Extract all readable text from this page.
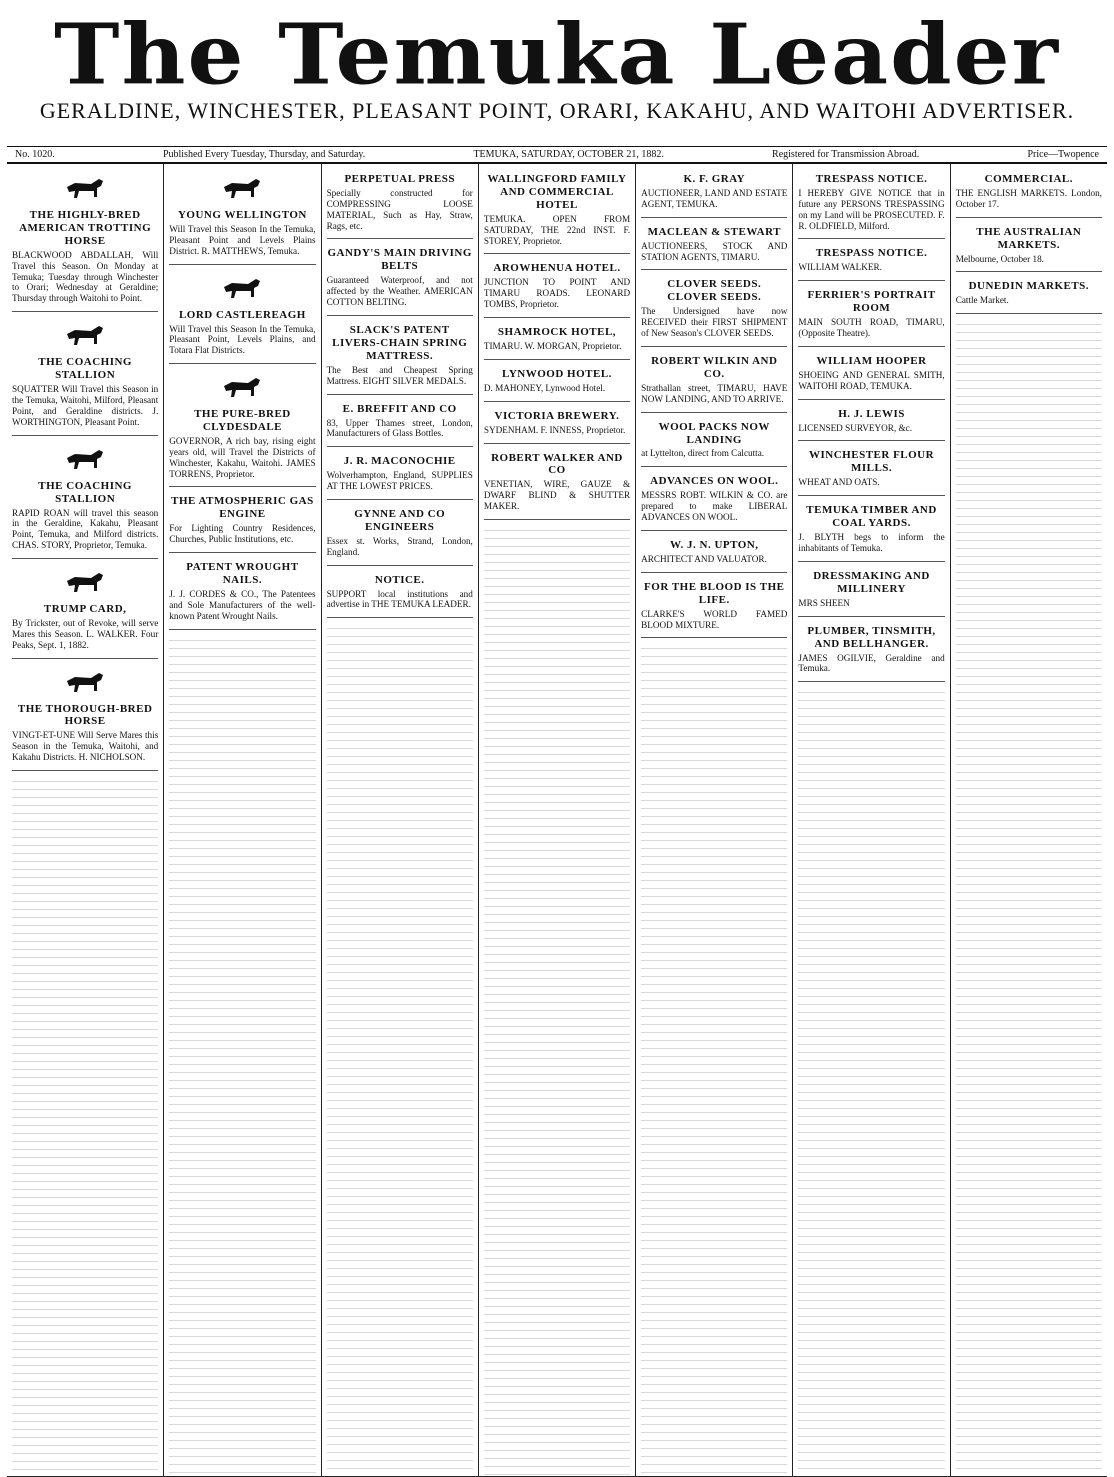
The Temuka Leader
GERALDINE, WINCHESTER, PLEASANT POINT, ORARI, KAKAHU, AND WAITOHI ADVERTISER.
No. 1020.	Published Every Tuesday, Thursday, and Saturday.	TEMUKA, SATURDAY, OCTOBER 21, 1882.	Registered for Transmission Abroad.	Price—Twopence
THE HIGHLY-BRED AMERICAN TROTTING HORSE

BLACKWOOD ABDALLAH, Will Travel this Season. On Monday at Temuka; Tuesday through Winchester to Orari; Wednesday at Geraldine; Thursday through Waitohi to Point.

THE COACHING STALLION

SQUATTER Will Travel this Season in the Temuka, Waitohi, Milford, Pleasant Point, and Geraldine districts. J. WORTHINGTON, Pleasant Point.

THE COACHING STALLION

RAPID ROAN will travel this season in the Geraldine, Kakahu, Pleasant Point, Temuka, and Milford districts. CHAS. STORY, Proprietor, Temuka.

TRUMP CARD,

By Trickster, out of Revoke, will serve Mares this Season. L. WALKER. Four Peaks, Sept. 1, 1882.

THE THOROUGH-BRED HORSE

VINGT-ET-UNE Will Serve Mares this Season in the Temuka, Waitohi, and Kakahu Districts. H. NICHOLSON.

YOUNG WELLINGTON

Will Travel this Season In the Temuka, Pleasant Point and Levels Plains District. R. MATTHEWS, Temuka.

LORD CASTLEREAGH

Will Travel this Season In the Temuka, Pleasant Point, Levels Plains, and Totara Flat Districts.

THE PURE-BRED CLYDESDALE

GOVERNOR, A rich bay, rising eight years old, will Travel the Districts of Winchester, Kakahu, Waitohi. JAMES TORRENS, Proprietor.

THE ATMOSPHERIC GAS ENGINE

For Lighting Country Residences, Churches, Public Institutions, etc.

PATENT WROUGHT NAILS.

J. J. CORDES & CO., The Patentees and Sole Manufacturers of the well-known Patent Wrought Nails.

PERPETUAL PRESS

Specially constructed for COMPRESSING LOOSE MATERIAL, Such as Hay, Straw, Rags, etc.

GANDY'S MAIN DRIVING BELTS

Guaranteed Waterproof, and not affected by the Weather. AMERICAN COTTON BELTING.

SLACK'S PATENT LIVERS-CHAIN SPRING MATTRESS.

The Best and Cheapest Spring Mattress. EIGHT SILVER MEDALS.

E. BREFFIT AND CO

83, Upper Thames street, London, Manufacturers of Glass Bottles.

J. R. MACONOCHIE

Wolverhampton, England, SUPPLIES AT THE LOWEST PRICES.

GYNNE AND CO ENGINEERS

Essex st. Works, Strand, London, England.

NOTICE.

SUPPORT local institutions and advertise in THE TEMUKA LEADER.

WALLINGFORD FAMILY AND COMMERCIAL HOTEL

TEMUKA. OPEN FROM SATURDAY, THE 22nd INST. F. STOREY, Proprietor.

AROWHENUA HOTEL.

JUNCTION TO POINT AND TIMARU ROADS. LEONARD TOMBS, Proprietor.

SHAMROCK HOTEL,

TIMARU. W. MORGAN, Proprietor.

LYNWOOD HOTEL.

D. MAHONEY, Lynwood Hotel.

VICTORIA BREWERY.

SYDENHAM. F. INNESS, Proprietor.

ROBERT WALKER AND CO

VENETIAN, WIRE, GAUZE & DWARF BLIND & SHUTTER MAKER.

K. F. GRAY

AUCTIONEER, LAND AND ESTATE AGENT, TEMUKA.

MACLEAN & STEWART

AUCTIONEERS, STOCK AND STATION AGENTS, TIMARU.

CLOVER SEEDS. CLOVER SEEDS.

The Undersigned have now RECEIVED their FIRST SHIPMENT of New Season's CLOVER SEEDS.

ROBERT WILKIN AND CO.

Strathallan street, TIMARU, HAVE NOW LANDING, AND TO ARRIVE.

WOOL PACKS NOW LANDING

at Lyttelton, direct from Calcutta.

ADVANCES ON WOOL.

MESSRS ROBT. WILKIN & CO. are prepared to make LIBERAL ADVANCES ON WOOL.

W. J. N. UPTON,

ARCHITECT AND VALUATOR.

FOR THE BLOOD IS THE LIFE.

CLARKE'S WORLD FAMED BLOOD MIXTURE.

TRESPASS NOTICE.

I HEREBY GIVE NOTICE that in future any PERSONS TRESPASSING on my Land will be PROSECUTED. F. R. OLDFIELD, Milford.

TRESPASS NOTICE.

WILLIAM WALKER.

FERRIER'S PORTRAIT ROOM

MAIN SOUTH ROAD, TIMARU, (Opposite Theatre).

WILLIAM HOOPER

SHOEING AND GENERAL SMITH, WAITOHI ROAD, TEMUKA.

H. J. LEWIS

LICENSED SURVEYOR, &c.

WINCHESTER FLOUR MILLS.

WHEAT AND OATS.

TEMUKA TIMBER AND COAL YARDS.

J. BLYTH begs to inform the inhabitants of Temuka.

DRESSMAKING AND MILLINERY

MRS SHEEN

PLUMBER, TINSMITH, AND BELLHANGER.

JAMES OGILVIE, Geraldine and Temuka.

COMMERCIAL.

THE ENGLISH MARKETS. London, October 17.

THE AUSTRALIAN MARKETS.

Melbourne, October 18.

DUNEDIN MARKETS.

Cattle Market.
